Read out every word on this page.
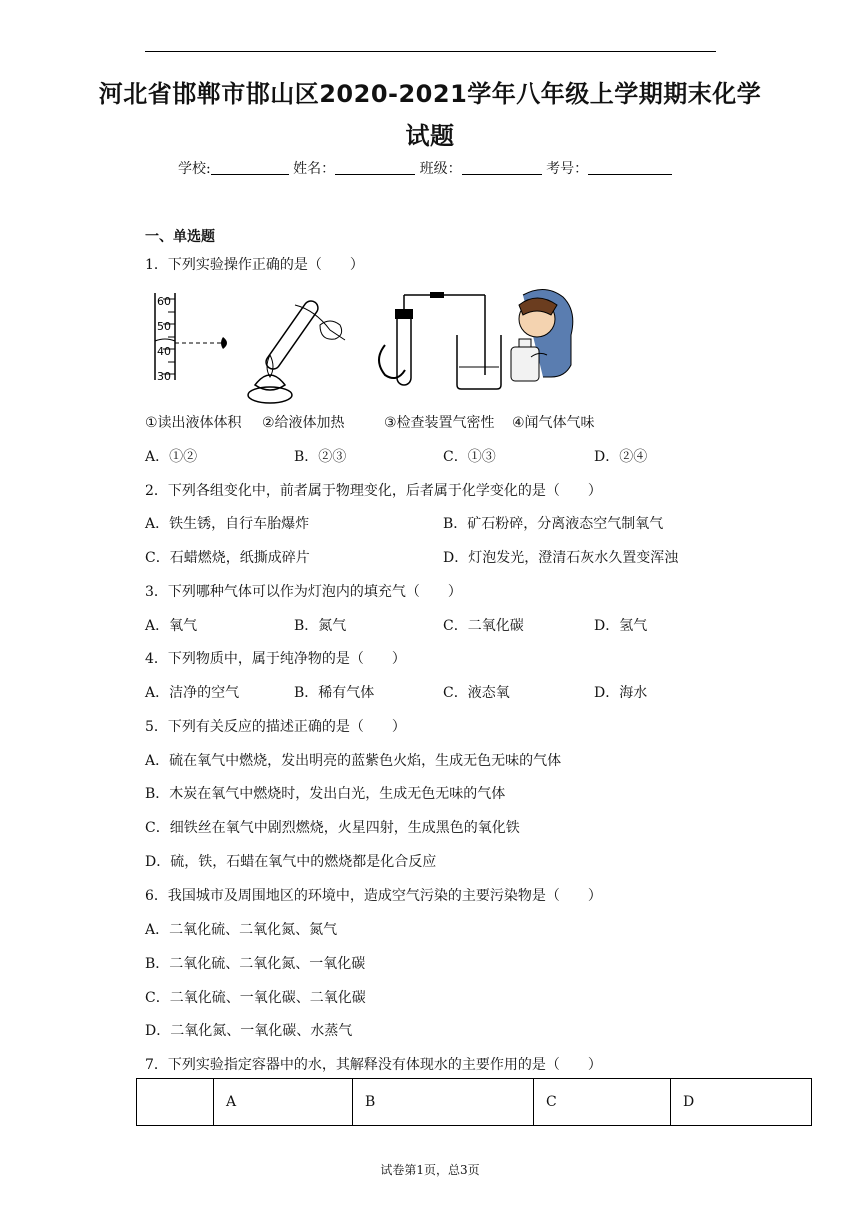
河北省邯郸市邯山区2020-2021学年八年级上学期期末化学
试题
学校:	姓名：	班级：	考号：
一、单选题
1．下列实验操作正确的是（　　）
60
50
40
30
①读出液体体积 ②给液体加热	③检查装置气密性 ④闻气体气味
A．①②	B．②③	C．①③	D．②④
2．下列各组变化中，前者属于物理变化，后者属于化学变化的是（　　）
A．铁生锈，自行车胎爆炸	B．矿石粉碎，分离液态空气制氧气
C．石蜡燃烧，纸撕成碎片	D．灯泡发光，澄清石灰水久置变浑浊
3．下列哪种气体可以作为灯泡内的填充气（　　）
A．氧气	B．氮气	C．二氧化碳	D．氢气
4．下列物质中，属于纯净物的是（　　）
A．洁净的空气	B．稀有气体	C．液态氧	D．海水
5．下列有关反应的描述正确的是（　　）
A．硫在氧气中燃烧，发出明亮的蓝紫色火焰，生成无色无味的气体
B．木炭在氧气中燃烧时，发出白光，生成无色无味的气体
C．细铁丝在氧气中剧烈燃烧，火星四射，生成黑色的氧化铁
D．硫，铁，石蜡在氧气中的燃烧都是化合反应
6．我国城市及周围地区的环境中，造成空气污染的主要污染物是（　　）
A．二氧化硫、二氧化氮、氮气
B．二氧化硫、二氧化氮、一氧化碳
C．二氧化硫、一氧化碳、二氧化碳
D．二氧化氮、一氧化碳、水蒸气
7．下列实验指定容器中的水，其解释没有体现水的主要作用的是（　　）
	A	B	C	D
试卷第1页，总3页
